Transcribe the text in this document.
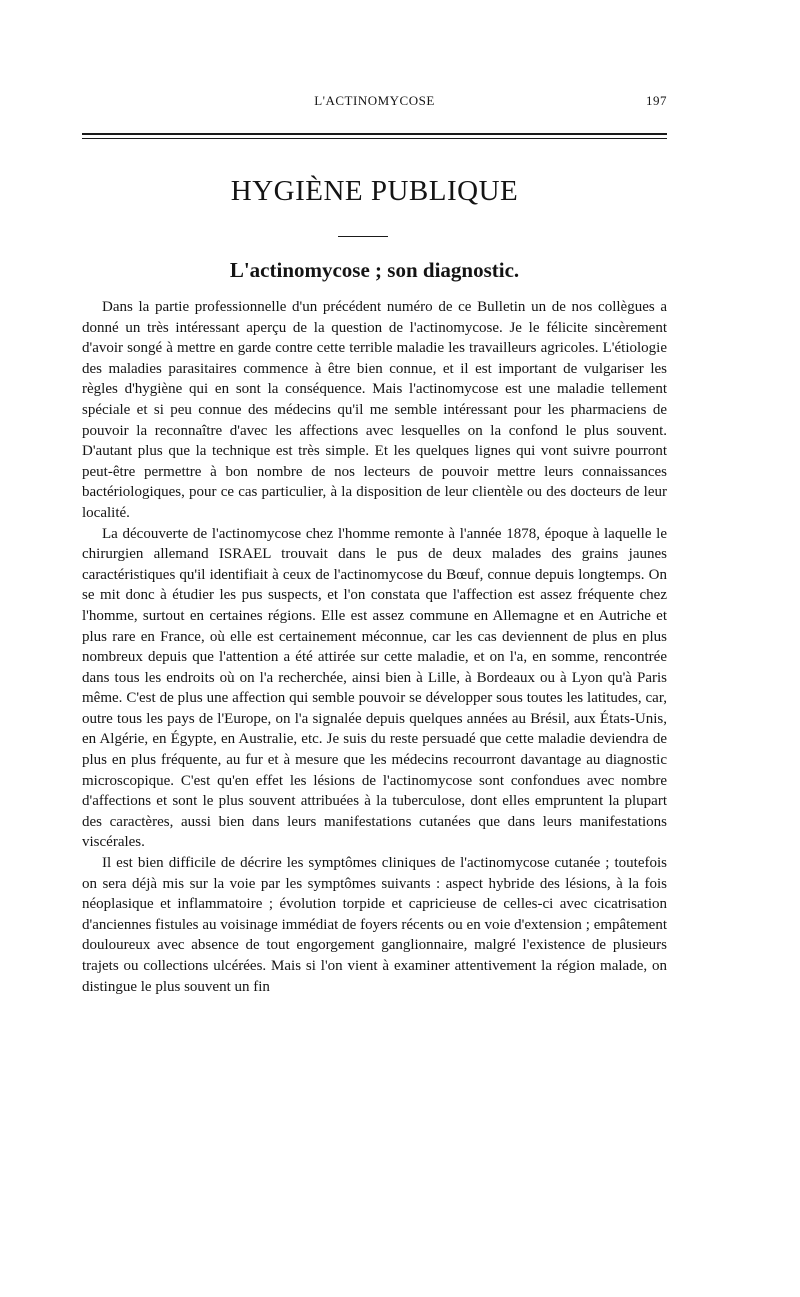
L'ACTINOMYCOSE	197
HYGIÈNE PUBLIQUE
L'actinomycose ; son diagnostic.

Dans la partie professionnelle d'un précédent numéro de ce Bulletin un de nos collègues a donné un très intéressant aperçu de la question de l'actinomycose. Je le félicite sincèrement d'avoir songé à mettre en garde contre cette terrible maladie les travailleurs agricoles. L'étiologie des maladies parasitaires commence à être bien connue, et il est important de vulgariser les règles d'hygiène qui en sont la conséquence. Mais l'actinomycose est une maladie tellement spéciale et si peu connue des médecins qu'il me semble intéressant pour les pharmaciens de pouvoir la reconnaître d'avec les affections avec lesquelles on la confond le plus souvent. D'autant plus que la technique est très simple. Et les quelques lignes qui vont suivre pourront peut-être permettre à bon nombre de nos lecteurs de pouvoir mettre leurs connaissances bactériologiques, pour ce cas particulier, à la disposition de leur clientèle ou des docteurs de leur localité.

La découverte de l'actinomycose chez l'homme remonte à l'année 1878, époque à laquelle le chirurgien allemand ISRAEL trouvait dans le pus de deux malades des grains jaunes caractéristiques qu'il identifiait à ceux de l'actinomycose du Bœuf, connue depuis longtemps. On se mit donc à étudier les pus suspects, et l'on constata que l'affection est assez fréquente chez l'homme, surtout en certaines régions. Elle est assez commune en Allemagne et en Autriche et plus rare en France, où elle est certainement méconnue, car les cas deviennent de plus en plus nombreux depuis que l'attention a été attirée sur cette maladie, et on l'a, en somme, rencontrée dans tous les endroits où on l'a recherchée, ainsi bien à Lille, à Bordeaux ou à Lyon qu'à Paris même. C'est de plus une affection qui semble pouvoir se développer sous toutes les latitudes, car, outre tous les pays de l'Europe, on l'a signalée depuis quelques années au Brésil, aux États-Unis, en Algérie, en Égypte, en Australie, etc. Je suis du reste persuadé que cette maladie deviendra de plus en plus fréquente, au fur et à mesure que les médecins recourront davantage au diagnostic microscopique. C'est qu'en effet les lésions de l'actinomycose sont confondues avec nombre d'affections et sont le plus souvent attribuées à la tuberculose, dont elles empruntent la plupart des caractères, aussi bien dans leurs manifestations cutanées que dans leurs manifestations viscérales.

Il est bien difficile de décrire les symptômes cliniques de l'actinomycose cutanée ; toutefois on sera déjà mis sur la voie par les symptômes suivants : aspect hybride des lésions, à la fois néoplasique et inflammatoire ; évolution torpide et capricieuse de celles-ci avec cicatrisation d'anciennes fistules au voisinage immédiat de foyers récents ou en voie d'extension ; empâtement douloureux avec absence de tout engorgement ganglionnaire, malgré l'existence de plusieurs trajets ou collections ulcérées. Mais si l'on vient à examiner attentivement la région malade, on distingue le plus souvent un fin
